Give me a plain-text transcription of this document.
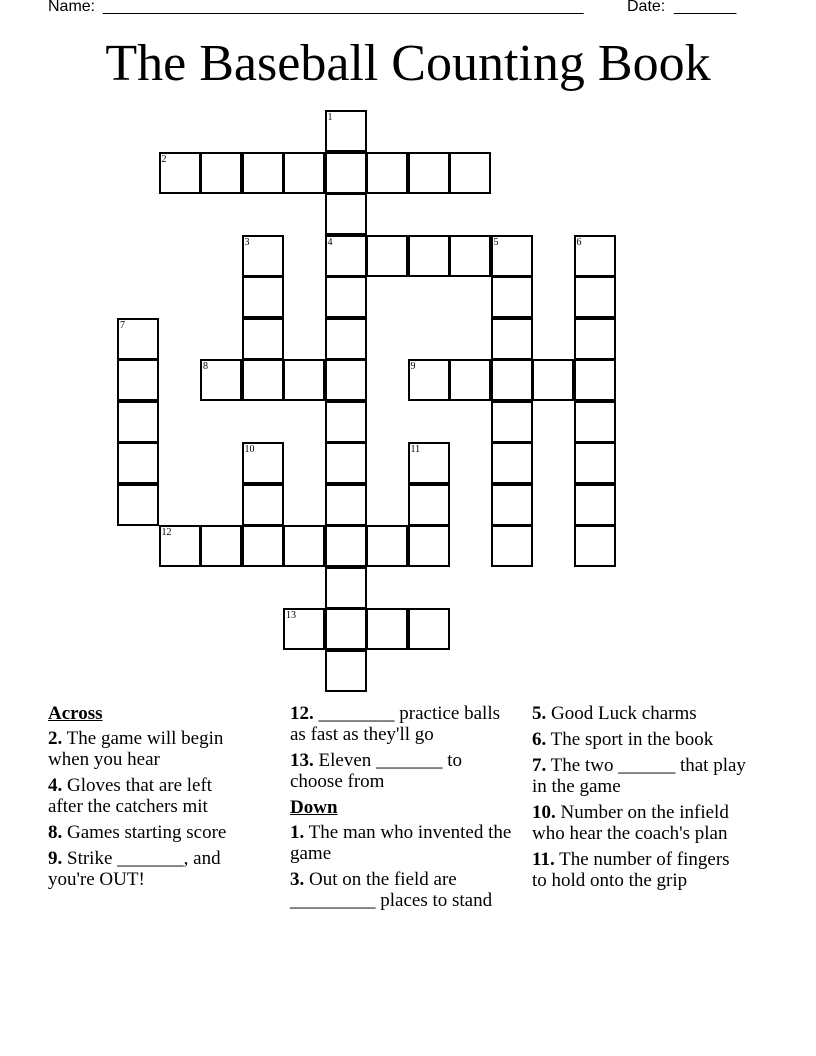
Name: ______________________________________________________	Date: _______
The Baseball Counting Book
1
2
3	4	5	6
7
8	9
10	11
12
13
Across
2. The game will begin when you hear
4. Gloves that are left after the catchers mit
8. Games starting score
9. Strike _______, and you're OUT!
12. ________ practice balls as fast as they'll go
13. Eleven _______ to choose from
Down
1. The man who invented the game
3. Out on the field are _________ places to stand
5. Good Luck charms
6. The sport in the book
7. The two ______ that play in the game
10. Number on the infield who hear the coach's plan
11. The number of fingers to hold onto the grip
